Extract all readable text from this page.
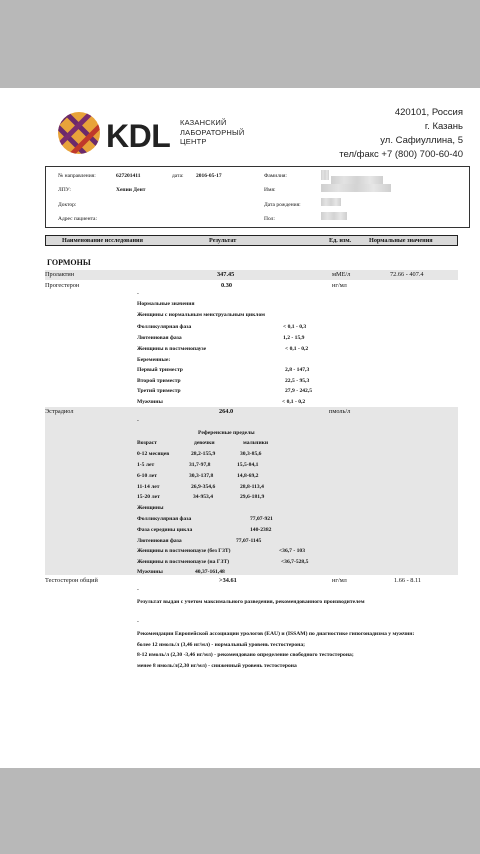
KDL КАЗАНСКИЙ
ЛАБОРАТОРНЫЙ
ЦЕНТР
420101, Россия
г. Казань
ул. Сафиуллина, 5
тел/факс +7 (800) 700-60-40
№ направления:	627201411	дата: 2016-05-17
ЛПУ:	Хепии Дент
Доктор:
Адрес пациента:
Фамилия:
Имя:
Дата рождения:
Пол:
Наименование исследования	Результат	Ед. изм.	Нормальные значения
ГОРМОНЫ
Пролактин	347.45	мМЕ/л	72.66 - 407.4
Прогестерон	0.30	нг/мл
-
Нормальные значения
Женщины с нормальным менструальным циклом
Фолликулярная фаза	< 0,1 - 0,3
Лютеиновая фаза	1,2 - 15,9
Женщины в постменопаузе	< 0,1 - 0,2
Беременные:
Первый триместр	2,8 - 147,3
Второй триместр	22,5 - 95,3
Третий триместр	27,9 - 242,5
Мужчины	< 0,1 - 0,2
Эстрадиол	264.0	пмоль/л
-
Референсные пределы
Возраст	девочки	мальчики
0-12 месяцев	28,2-155,9	30,3-85,6
1-5 лет	31,7-97,8	15,5-84,1
6-10 лет	30,3-137,8	14,8-69,2
11-14 лет	26,9-354,6	28,8-113,4
15-20 лет	34-953,4	29,6-181,9
Женщины
Фолликулярная фаза	77,07-921
Фаза середины цикла	140-2382
Лютеиновая фаза	77,07-1145
Женщины в постменопаузе (без ГЗТ)	<36,7 - 103
Женщины в постменопаузе (на ГЗТ)	<36,7-528,5
Мужчины	40,37-161,48
Тестостерон общий	>34.61	нг/мл	1.66 - 8.11
-
Результат выдан с учетом максимального разведения, рекомендованного производителем
-

Рекомендации Европейской ассоциации урологов (EAU) и (ISSAM) по диагностике гипогонадизма у мужчин:

более 12 нмоль/л (3,46 нг/мл) - нормальный уровень тестостерона;

8-12 нмоль/л (2,30 -3,46 нг/мл) - рекомендовано определение свободного тестостерона;

менее 8 нмоль/л(2,30 нг/мл) - сниженный уровень тестостерона
